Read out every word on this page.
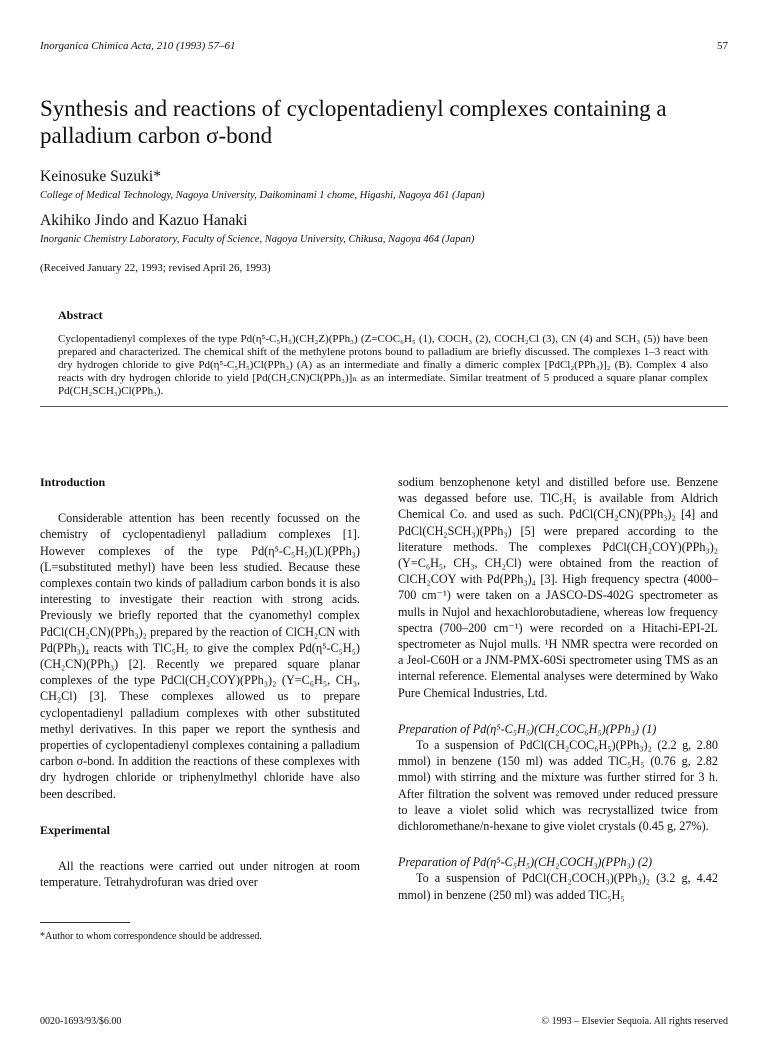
Inorganica Chimica Acta, 210 (1993) 57–61	57
Synthesis and reactions of cyclopentadienyl complexes containing a palladium carbon σ-bond
Keinosuke Suzuki*
College of Medical Technology, Nagoya University, Daikominami 1 chome, Higashi, Nagoya 461 (Japan)
Akihiko Jindo and Kazuo Hanaki
Inorganic Chemistry Laboratory, Faculty of Science, Nagoya University, Chikusa, Nagoya 464 (Japan)
(Received January 22, 1993; revised April 26, 1993)
Abstract
Cyclopentadienyl complexes of the type Pd(η⁵-C₅H₅)(CH₂Z)(PPh₃) (Z=COC₆H₅ (1), COCH₃ (2), COCH₂Cl (3), CN (4) and SCH₃ (5)) have been prepared and characterized. The chemical shift of the methylene protons bound to palladium are briefly discussed. The complexes 1–3 react with dry hydrogen chloride to give Pd(η⁵-C₅H₅)Cl(PPh₃) (A) as an intermediate and finally a dimeric complex [PdCl₂(PPh₃)]₂ (B). Complex 4 also reacts with dry hydrogen chloride to yield [Pd(CH₂CN)Cl(PPh₃)]ₙ as an intermediate. Similar treatment of 5 produced a square planar complex Pd(CH₂SCH₃)Cl(PPh₃).

Introduction

Considerable attention has been recently focussed on the chemistry of cyclopentadienyl palladium complexes [1]. However complexes of the type Pd(η⁵-C₅H₅)(L)(PPh₃) (L=substituted methyl) have been less studied. Because these complexes contain two kinds of palladium carbon bonds it is also interesting to investigate their reaction with strong acids. Previously we briefly reported that the cyanomethyl complex PdCl(CH₂CN)(PPh₃)₂ prepared by the reaction of ClCH₂CN with Pd(PPh₃)₄ reacts with TlC₅H₅ to give the complex Pd(η⁵-C₅H₅)(CH₂CN)(PPh₃) [2]. Recently we prepared square planar complexes of the type PdCl(CH₂COY)(PPh₃)₂ (Y=C₆H₅, CH₃, CH₂Cl) [3]. These complexes allowed us to prepare cyclopentadienyl palladium complexes with other substituted methyl derivatives. In this paper we report the synthesis and properties of cyclopentadienyl complexes containing a palladium carbon σ-bond. In addition the reactions of these complexes with dry hydrogen chloride or triphenylmethyl chloride have also been described.

Experimental

All the reactions were carried out under nitrogen at room temperature. Tetrahydrofuran was dried over

sodium benzophenone ketyl and distilled before use. Benzene was degassed before use. TlC₅H₅ is available from Aldrich Chemical Co. and used as such. PdCl(CH₂CN)(PPh₃)₂ [4] and PdCl(CH₂SCH₃)(PPh₃) [5] were prepared according to the literature methods. The complexes PdCl(CH₂COY)(PPh₃)₂ (Y=C₆H₅, CH₃, CH₂Cl) were obtained from the reaction of ClCH₂COY with Pd(PPh₃)₄ [3]. High frequency spectra (4000–700 cm⁻¹) were taken on a JASCO-DS-402G spectrometer as mulls in Nujol and hexachlorobutadiene, whereas low frequency spectra (700–200 cm⁻¹) were recorded on a Hitachi-EPI-2L spectrometer as Nujol mulls. ¹H NMR spectra were recorded on a Jeol-C60H or a JNM-PMX-60Si spectrometer using TMS as an internal reference. Elemental analyses were determined by Wako Pure Chemical Industries, Ltd.

Preparation of Pd(η⁵-C₅H₅)(CH₂COC₆H₅)(PPh₃) (1)

To a suspension of PdCl(CH₂COC₆H₅)(PPh₃)₂ (2.2 g, 2.80 mmol) in benzene (150 ml) was added TlC₅H₅ (0.76 g, 2.82 mmol) with stirring and the mixture was further stirred for 3 h. After filtration the solvent was removed under reduced pressure to leave a violet solid which was recrystallized twice from dichloromethane/n-hexane to give violet crystals (0.45 g, 27%).

Preparation of Pd(η⁵-C₅H₅)(CH₂COCH₃)(PPh₃) (2)

To a suspension of PdCl(CH₂COCH₃)(PPh₃)₂ (3.2 g, 4.42 mmol) in benzene (250 ml) was added TlC₅H₅

*Author to whom correspondence should be addressed.
0020-1693/93/$6.00	© 1993 – Elsevier Sequoia. All rights reserved
